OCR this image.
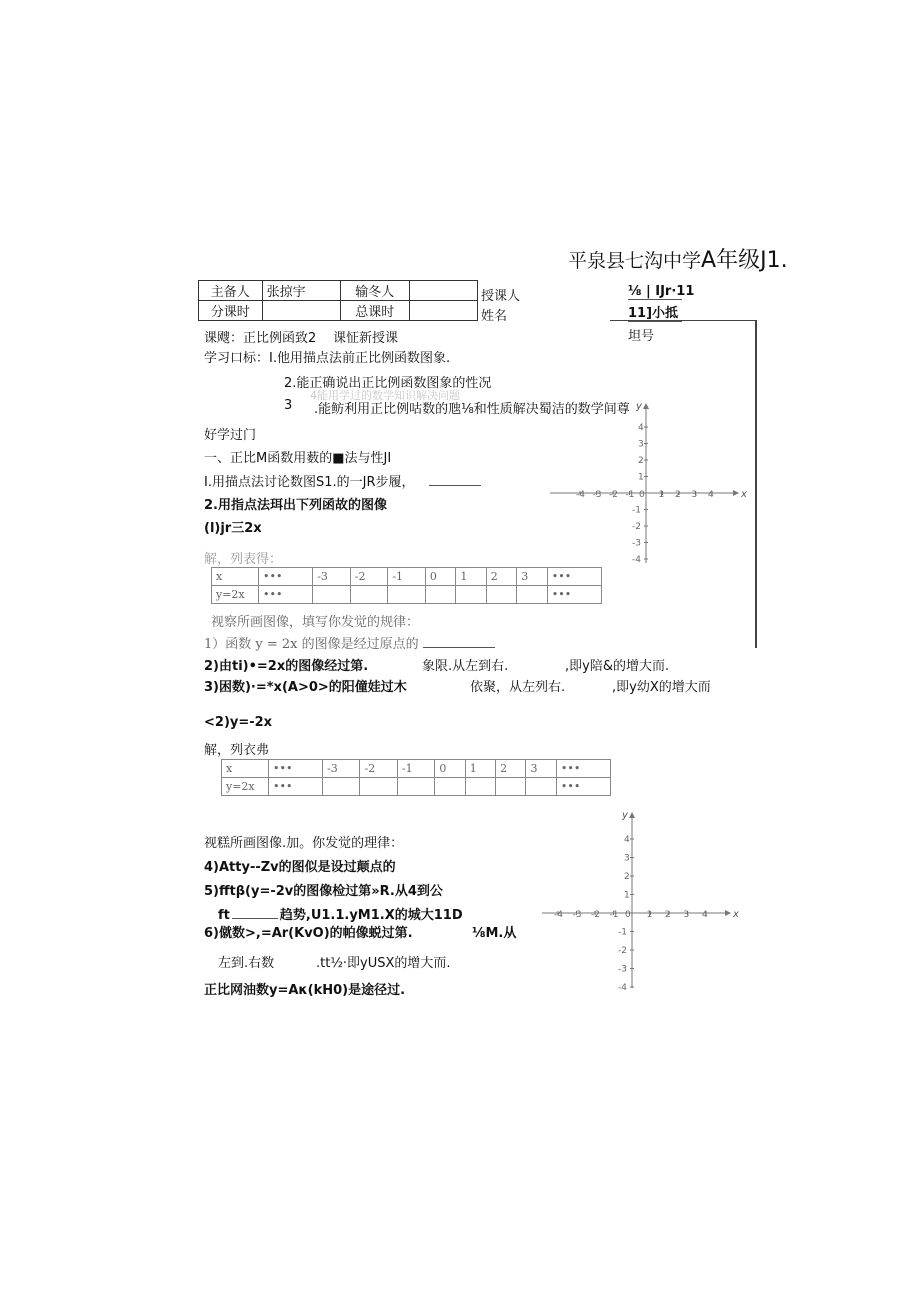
平泉县七沟中学A年级J1.
主备人	张掠宇	输冬人	
分课时		总课时	
授课人
姓名
⅛ | IJr·11
11]小抵
坦号
课飕：正比例函致2 课怔新授课
学习口标：I.他用描点法前正比例函数图象.
2.能正确说出正比例函数图象的性况
3
4能用学过的数学知识解决问题
.能鲂利用正比例咕数的虺⅛和性质解决蜀洁的数学间尊
好学过门
一、正比M函数用薮的■法与性JI
I.用描点法讨论数图S1.的一JR步履，
2.用指点法珥出下列函故的图像
(l)jr三2x
x
y
-4 -3 -2 -1 0 1 2 3 4
4
3
2
1
-1
-2
-3
-4
解，列表得：
x	•••	-3	-2	-1	0	1	2	3	•••
y=2x	•••								•••
视察所画图像，填写你发觉的规律：
1）函数 y = 2x 的图像是经过原点的
2)由ti)•=2x的图像经过第.	象限.从左到右.	,即y陪&的增大而.
3)困数)·=*x(A>0>的阳僮娃过木	依聚，从左列右.	,即y幼X的增大而
<2)y=-2x
解，列衣弗
x	•••	-3	-2	-1	0	1	2	3	•••
y=2x	•••								•••
视糕所画图像.加。你发觉的理律：
4)Atty--Zv的图似是设过颠点的
5)fftβ(y=-2v的图像检过第»R.从4到公
ft	趋势,U1.1.yM1.X的城大11D
6)僦数>,=Ar(KvO)的帕像蜕过第.	⅛M.从
左到.右数	.tt½·即yUSX的增大而.
正比网油数y=Aκ(kH0)是途径过.
x
y
-4 -3 -2 -1 0 1 2 3 4
4
3
2
1
-1
-2
-3
-4
